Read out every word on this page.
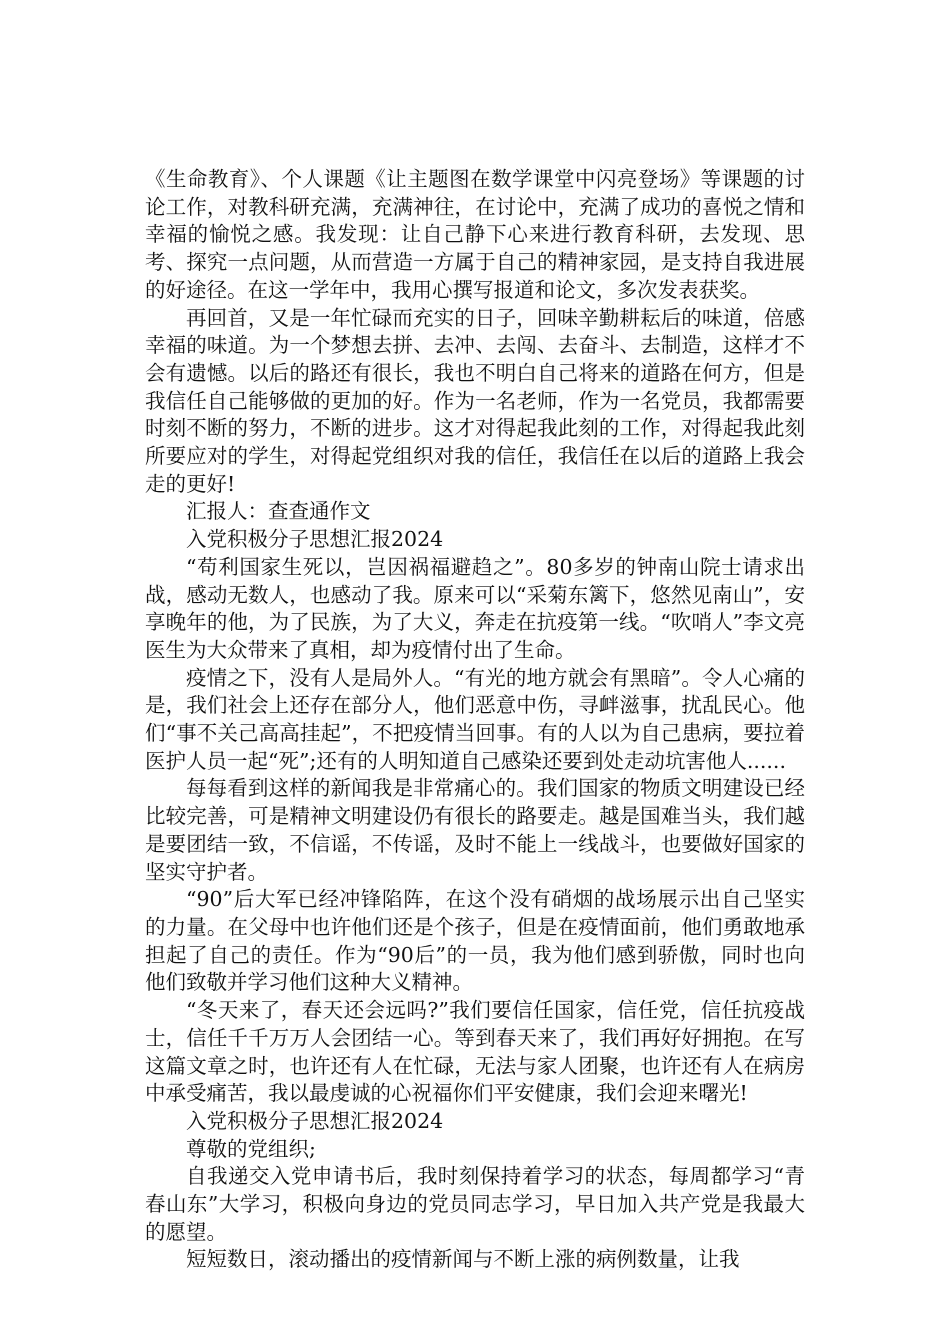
《生命教育》、个人课题《让主题图在数学课堂中闪亮登场》等课题的讨论工作，对教科研充满，充满神往，在讨论中，充满了成功的喜悦之情和幸福的愉悦之感。我发现：让自己静下心来进行教育科研，去发现、思考、探究一点问题，从而营造一方属于自己的精神家园，是支持自我进展的好途径。在这一学年中，我用心撰写报道和论文，多次发表获奖。

再回首，又是一年忙碌而充实的日子，回味辛勤耕耘后的味道，倍感幸福的味道。为一个梦想去拼、去冲、去闯、去奋斗、去制造，这样才不会有遗憾。以后的路还有很长，我也不明白自己将来的道路在何方，但是我信任自己能够做的更加的好。作为一名老师，作为一名党员，我都需要时刻不断的努力，不断的进步。这才对得起我此刻的工作，对得起我此刻所要应对的学生，对得起党组织对我的信任，我信任在以后的道路上我会走的更好!

汇报人：查查通作文

入党积极分子思想汇报2024

“苟利国家生死以，岂因祸福避趋之”。80多岁的钟南山院士请求出战，感动无数人，也感动了我。原来可以“采菊东篱下，悠然见南山”，安享晚年的他，为了民族，为了大义，奔走在抗疫第一线。“吹哨人”李文亮医生为大众带来了真相，却为疫情付出了生命。

疫情之下，没有人是局外人。“有光的地方就会有黑暗”。令人心痛的是，我们社会上还存在部分人，他们恶意中伤，寻衅滋事，扰乱民心。他们“事不关己高高挂起”，不把疫情当回事。有的人以为自己患病，要拉着医护人员一起“死”;还有的人明知道自己感染还要到处走动坑害他人......

每每看到这样的新闻我是非常痛心的。我们国家的物质文明建设已经比较完善，可是精神文明建设仍有很长的路要走。越是国难当头，我们越是要团结一致，不信谣，不传谣，及时不能上一线战斗，也要做好国家的坚实守护者。

“90”后大军已经冲锋陷阵，在这个没有硝烟的战场展示出自己坚实的力量。在父母中也许他们还是个孩子，但是在疫情面前，他们勇敢地承担起了自己的责任。作为“90后”的一员，我为他们感到骄傲，同时也向他们致敬并学习他们这种大义精神。

“冬天来了，春天还会远吗?”我们要信任国家，信任党，信任抗疫战士，信任千千万万人会团结一心。等到春天来了，我们再好好拥抱。在写这篇文章之时，也许还有人在忙碌，无法与家人团聚，也许还有人在病房中承受痛苦，我以最虔诚的心祝福你们平安健康，我们会迎来曙光!

入党积极分子思想汇报2024

尊敬的党组织;

自我递交入党申请书后，我时刻保持着学习的状态，每周都学习“青春山东”大学习，积极向身边的党员同志学习，早日加入共产党是我最大的愿望。

短短数日，滚动播出的疫情新闻与不断上涨的病例数量，让我
